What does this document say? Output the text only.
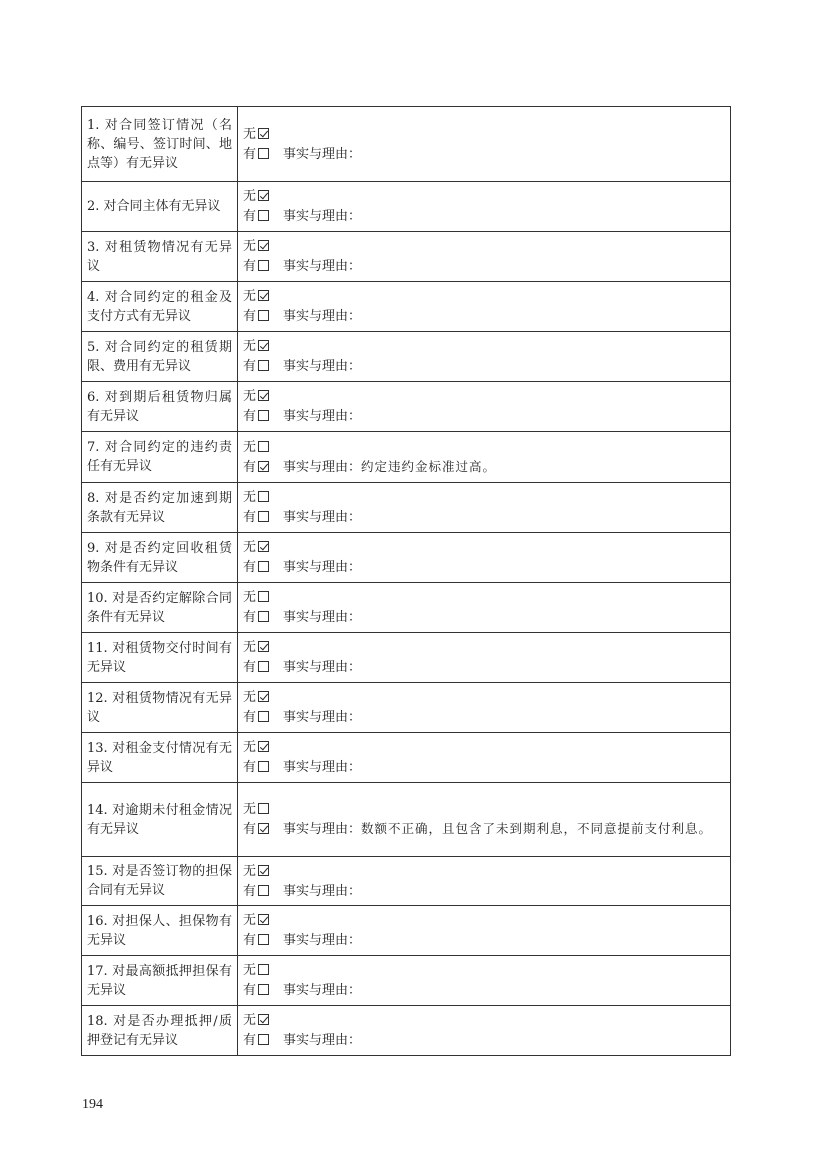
1. 对合同签订情况（名称、编号、签订时间、地点等）有无异议	无
有 事实与理由：

2. 对合同主体有无异议	无
有 事实与理由：

3. 对租赁物情况有无异议	无
有 事实与理由：

4. 对合同约定的租金及支付方式有无异议	无
有 事实与理由：

5. 对合同约定的租赁期限、费用有无异议	无
有 事实与理由：

6. 对到期后租赁物归属有无异议	无
有 事实与理由：

7. 对合同约定的违约责任有无异议	无
有 事实与理由：约定违约金标准过高。

8. 对是否约定加速到期条款有无异议	无
有 事实与理由：

9. 对是否约定回收租赁物条件有无异议	无
有 事实与理由：

10. 对是否约定解除合同条件有无异议	无
有 事实与理由：

11. 对租赁物交付时间有无异议	无
有 事实与理由：

12. 对租赁物情况有无异议	无
有 事实与理由：

13. 对租金支付情况有无异议	无
有 事实与理由：

14. 对逾期未付租金情况有无异议	无
有 事实与理由：数额不正确，且包含了未到期利息，不同意提前支付利息。

15. 对是否签订物的担保合同有无异议	无
有 事实与理由：

16. 对担保人、担保物有无异议	无
有 事实与理由：

17. 对最高额抵押担保有无异议	无
有 事实与理由：

18. 对是否办理抵押/质押登记有无异议	无
有 事实与理由：
194
